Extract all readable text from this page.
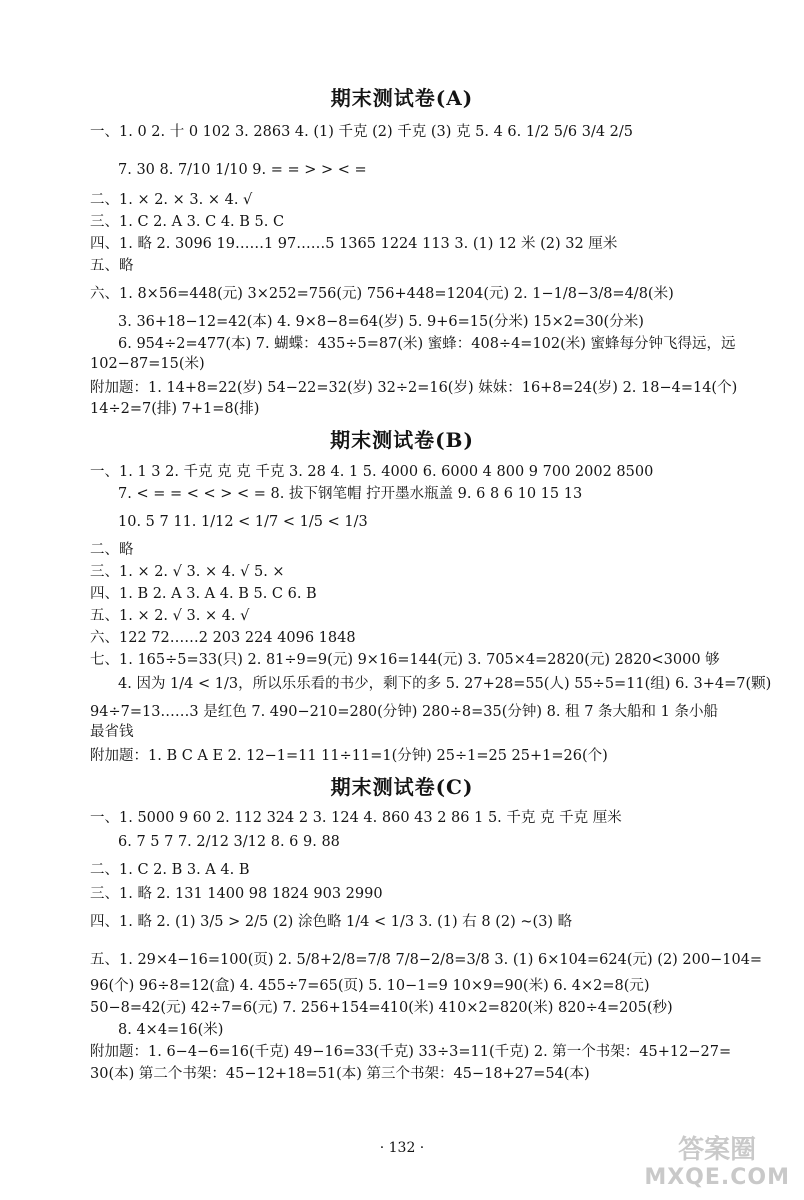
期末测试卷(A)
一、1. 0 2. 十 0 102 3. 2863 4. (1) 千克 (2) 千克 (3) 克 5. 4 6. 1/2 5/6 3/4 2/5
7. 30 8. 7/10 1/10 9. = = > > < =
二、1. × 2. × 3. × 4. √
三、1. C 2. A 3. C 4. B 5. C
四、1. 略 2. 3096 19……1 97……5 1365 1224 113 3. (1) 12 米 (2) 32 厘米
五、略
六、1. 8×56=448(元) 3×252=756(元) 756+448=1204(元) 2. 1−1/8−3/8=4/8(米)
3. 36+18−12=42(本) 4. 9×8−8=64(岁) 5. 9+6=15(分米) 15×2=30(分米)
6. 954÷2=477(本) 7. 蝴蝶：435÷5=87(米) 蜜蜂：408÷4=102(米) 蜜蜂每分钟飞得远，远
102−87=15(米)
附加题：1. 14+8=22(岁) 54−22=32(岁) 32÷2=16(岁) 妹妹：16+8=24(岁) 2. 18−4=14(个)
14÷2=7(排) 7+1=8(排)
期末测试卷(B)
一、1. 1 3 2. 千克 克 克 千克 3. 28 4. 1 5. 4000 6. 6000 4 800 9 700 2002 8500
7. < = = < < > < = 8. 拔下钢笔帽 拧开墨水瓶盖 9. 6 8 6 10 15 13
10. 5 7 11. 1/12 < 1/7 < 1/5 < 1/3
二、略
三、1. × 2. √ 3. × 4. √ 5. ×
四、1. B 2. A 3. A 4. B 5. C 6. B
五、1. × 2. √ 3. × 4. √
六、122 72……2 203 224 4096 1848
七、1. 165÷5=33(只) 2. 81÷9=9(元) 9×16=144(元) 3. 705×4=2820(元) 2820<3000 够
4. 因为 1/4 < 1/3，所以乐乐看的书少，剩下的多 5. 27+28=55(人) 55÷5=11(组) 6. 3+4=7(颗)
94÷7=13……3 是红色 7. 490−210=280(分钟) 280÷8=35(分钟) 8. 租 7 条大船和 1 条小船
最省钱
附加题：1. B C A E 2. 12−1=11 11÷11=1(分钟) 25÷1=25 25+1=26(个)
期末测试卷(C)
一、1. 5000 9 60 2. 112 324 2 3. 124 4. 860 43 2 86 1 5. 千克 克 千克 厘米
6. 7 5 7 7. 2/12 3/12 8. 6 9. 88
二、1. C 2. B 3. A 4. B
三、1. 略 2. 131 1400 98 1824 903 2990
四、1. 略 2. (1) 3/5 > 2/5 (2) 涂色略 1/4 < 1/3 3. (1) 右 8 (2) ~(3) 略
五、1. 29×4−16=100(页) 2. 5/8+2/8=7/8 7/8−2/8=3/8 3. (1) 6×104=624(元) (2) 200−104=
96(个) 96÷8=12(盒) 4. 455÷7=65(页) 5. 10−1=9 10×9=90(米) 6. 4×2=8(元)
50−8=42(元) 42÷7=6(元) 7. 256+154=410(米) 410×2=820(米) 820÷4=205(秒)
8. 4×4=16(米)
附加题：1. 6−4−6=16(千克) 49−16=33(千克) 33÷3=11(千克) 2. 第一个书架：45+12−27=
30(本) 第二个书架：45−12+18=51(本) 第三个书架：45−18+27=54(本)
· 132 ·	答案圈
MXQE.COM
